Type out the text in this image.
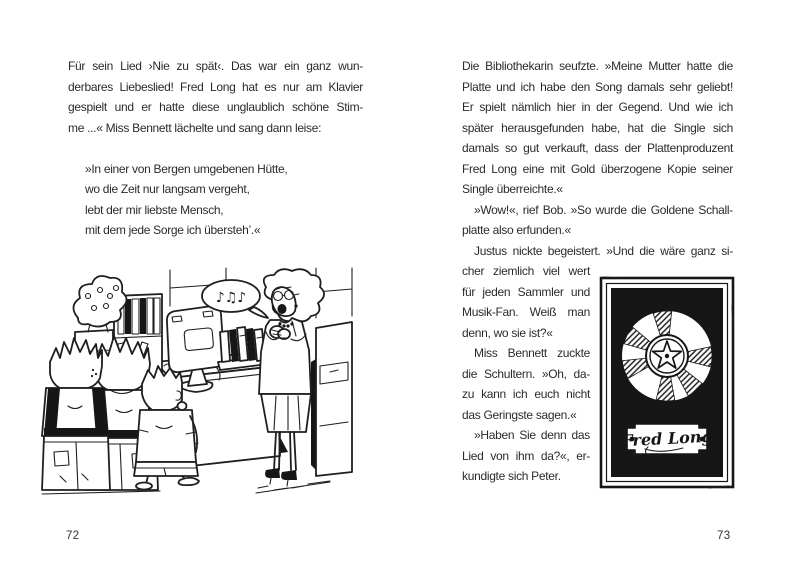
Für sein Lied ›Nie zu spät‹. Das war ein ganz wun-
derbares Liebeslied! Fred Long hat es nur am Klavier
gespielt und er hatte diese unglaublich schöne Stim-
me ...« Miss Bennett lächelte und sang dann leise:
»In einer von Bergen umgebenen Hütte,
wo die Zeit nur langsam vergeht,
lebt der mir liebste Mensch,
mit dem jede Sorge ich übersteh’.«
Die Bibliothekarin seufzte. »Meine Mutter hatte die
Platte und ich habe den Song damals sehr geliebt!
Er spielt nämlich hier in der Gegend. Und wie ich
später herausgefunden habe, hat die Single sich
damals so gut verkauft, dass der Plattenproduzent
Fred Long eine mit Gold überzogene Kopie seiner
Single überreichte.«
»Wow!«, rief Bob. »So wurde die Goldene Schall-
platte also erfunden.«
Justus nickte begeistert. »Und die wäre ganz si-
cher ziemlich viel wert
für jeden Sammler und
Musik-Fan. Weiß man
denn, wo sie ist?«
Miss Bennett zuckte
die Schultern. »Oh, da-
zu kann ich euch nicht
das Geringste sagen.«
»Haben Sie denn das
Lied von ihm da?«, er-
kundigte sich Peter.
♪♫♪
Fred Long
72	73
